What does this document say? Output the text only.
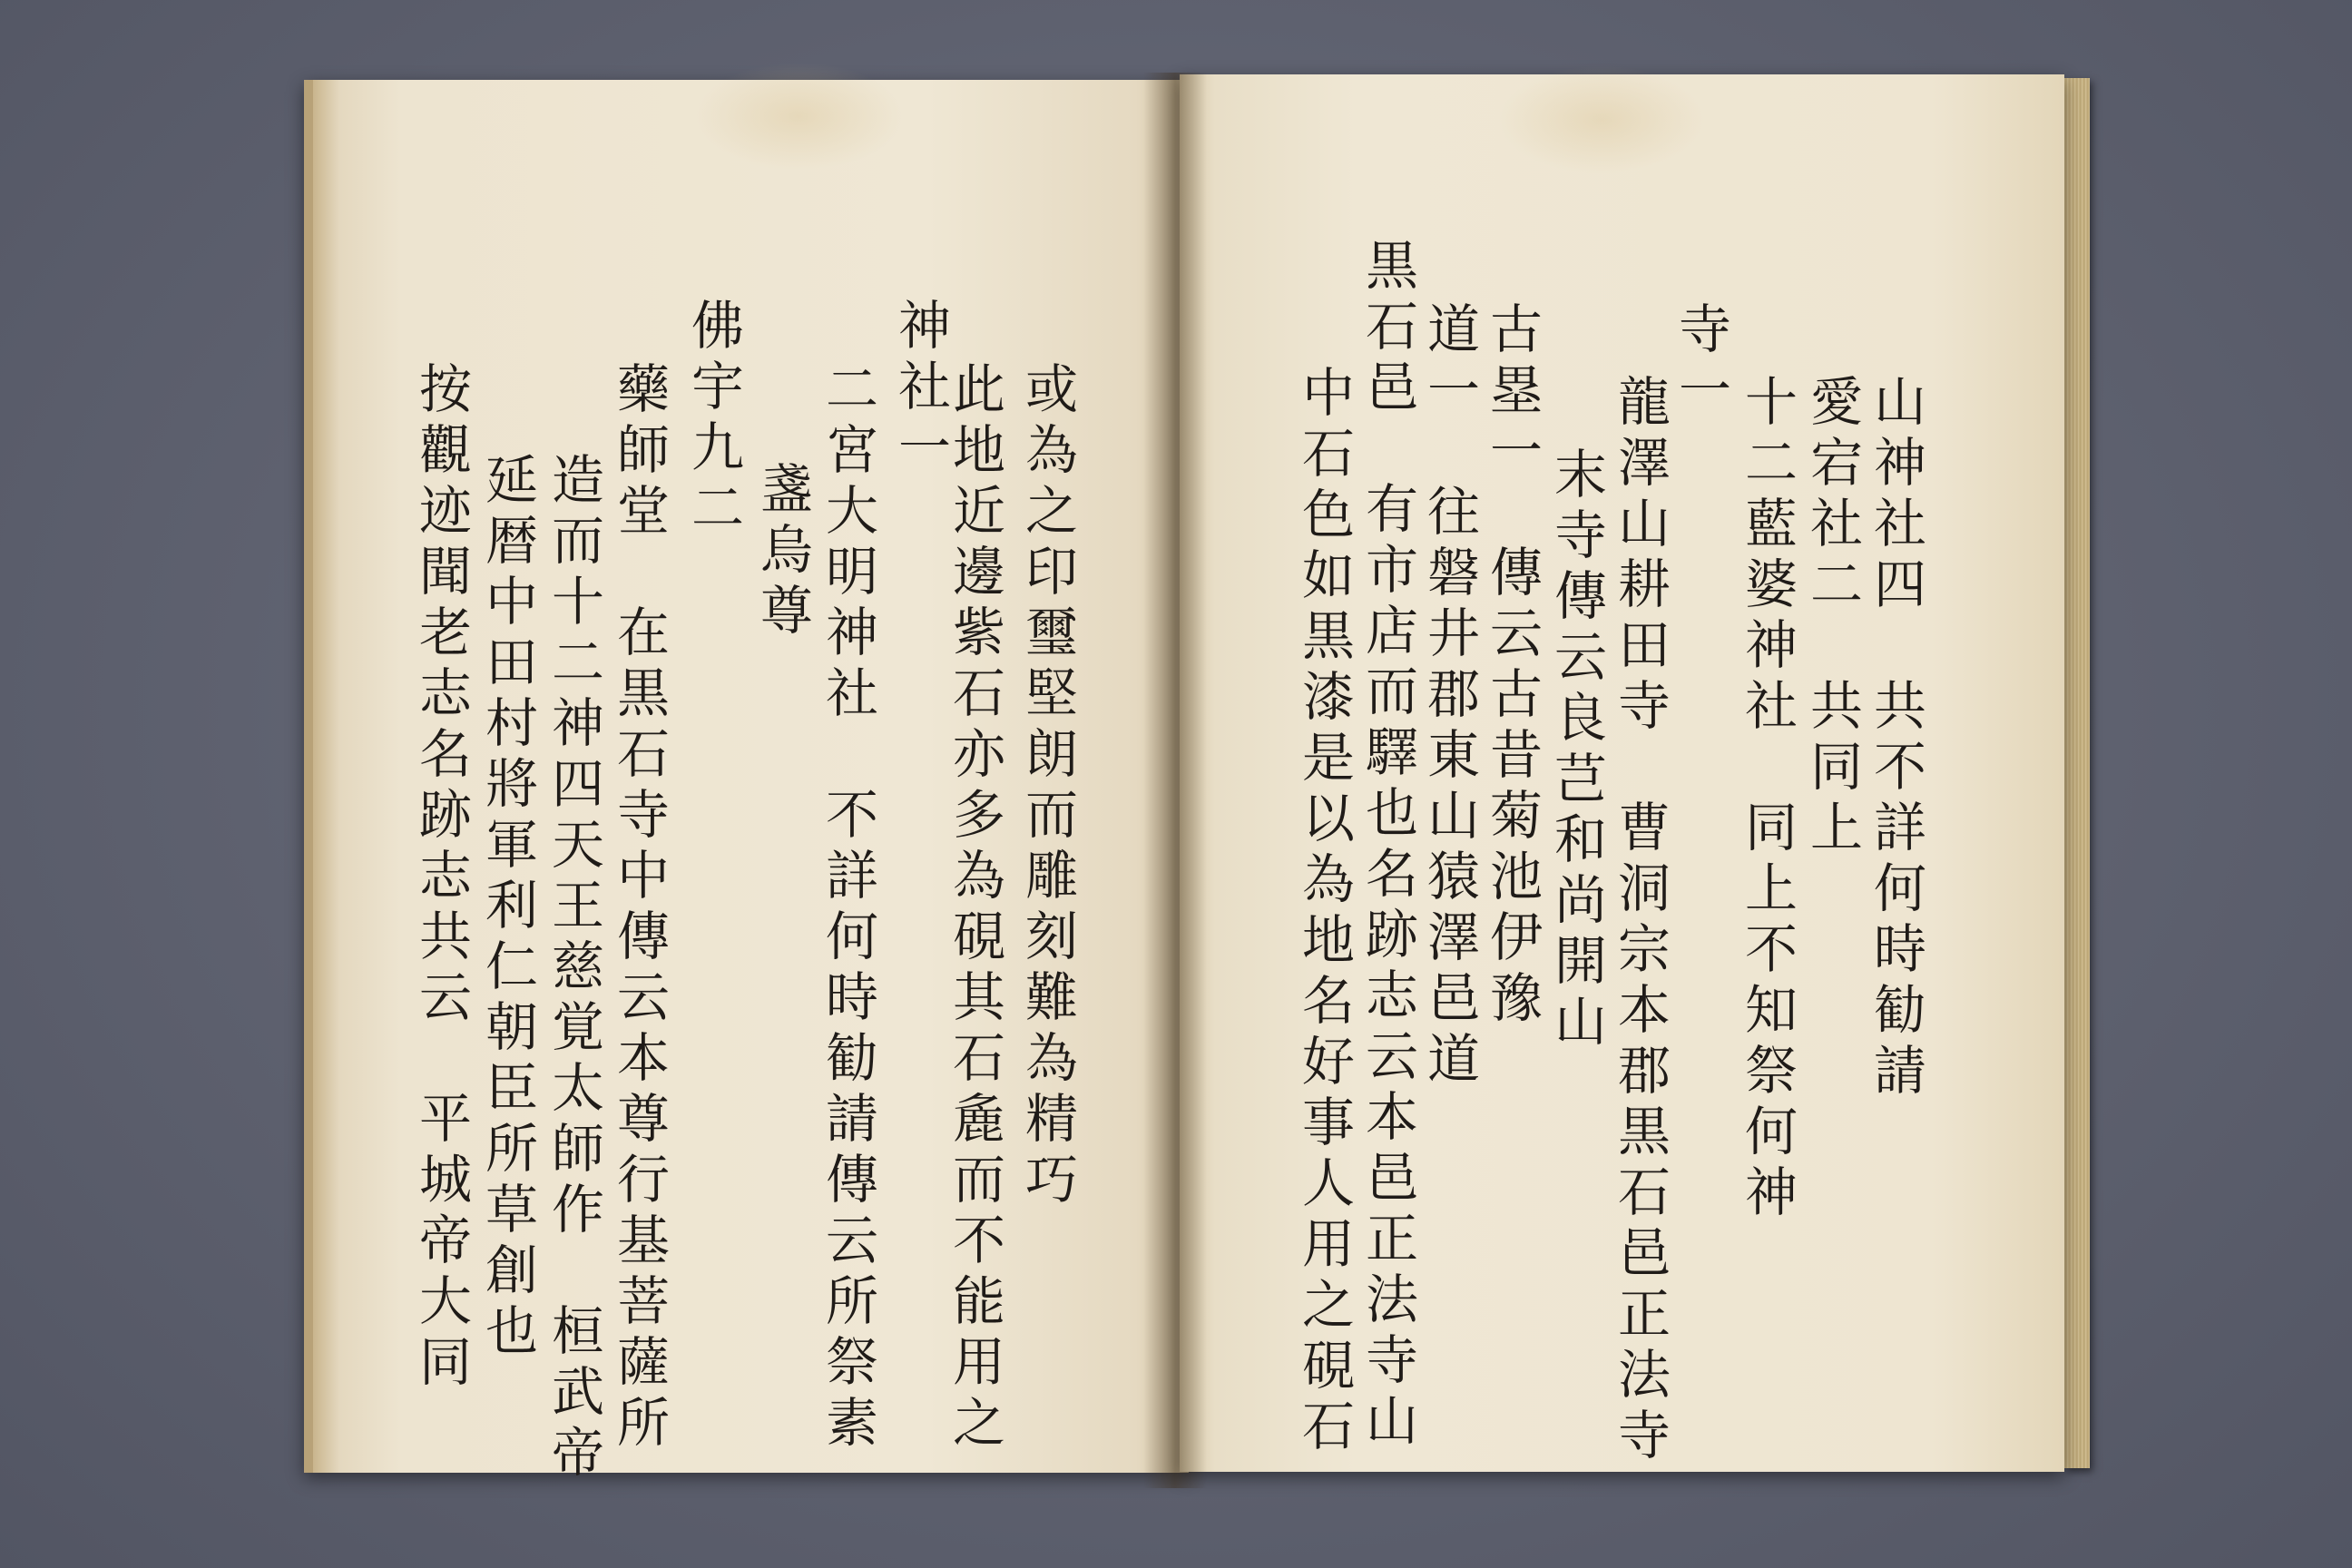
或為之印璽堅朗而雕刻難為精巧
此地近邊紫石亦多為硯其石麁而不能用之
神社一
二宮大明神社　不詳何時勧請傳云所祭素
盞烏尊
佛宇九二
藥師堂　在黒石寺中傳云本尊行基菩薩所
造而十二神四天王慈覚太師作　桓武帝
延暦中田村將軍利仁朝臣所草創也
按觀迹聞老志名跡志共云　平城帝大同	山神社四　共不詳何時勧請
愛宕社二　共同上
十二藍婆神社　同上不知祭何神
寺一
龍澤山耕田寺　曹洞宗本郡黒石邑正法寺
末寺傳云良芑和尚開山
古塁一　傳云古昔菊池伊豫
道一　往磐井郡東山猿澤邑道
黒石邑　有市店而驛也名跡志云本邑正法寺山
中石色如黒漆是以為地名好事人用之硯石
